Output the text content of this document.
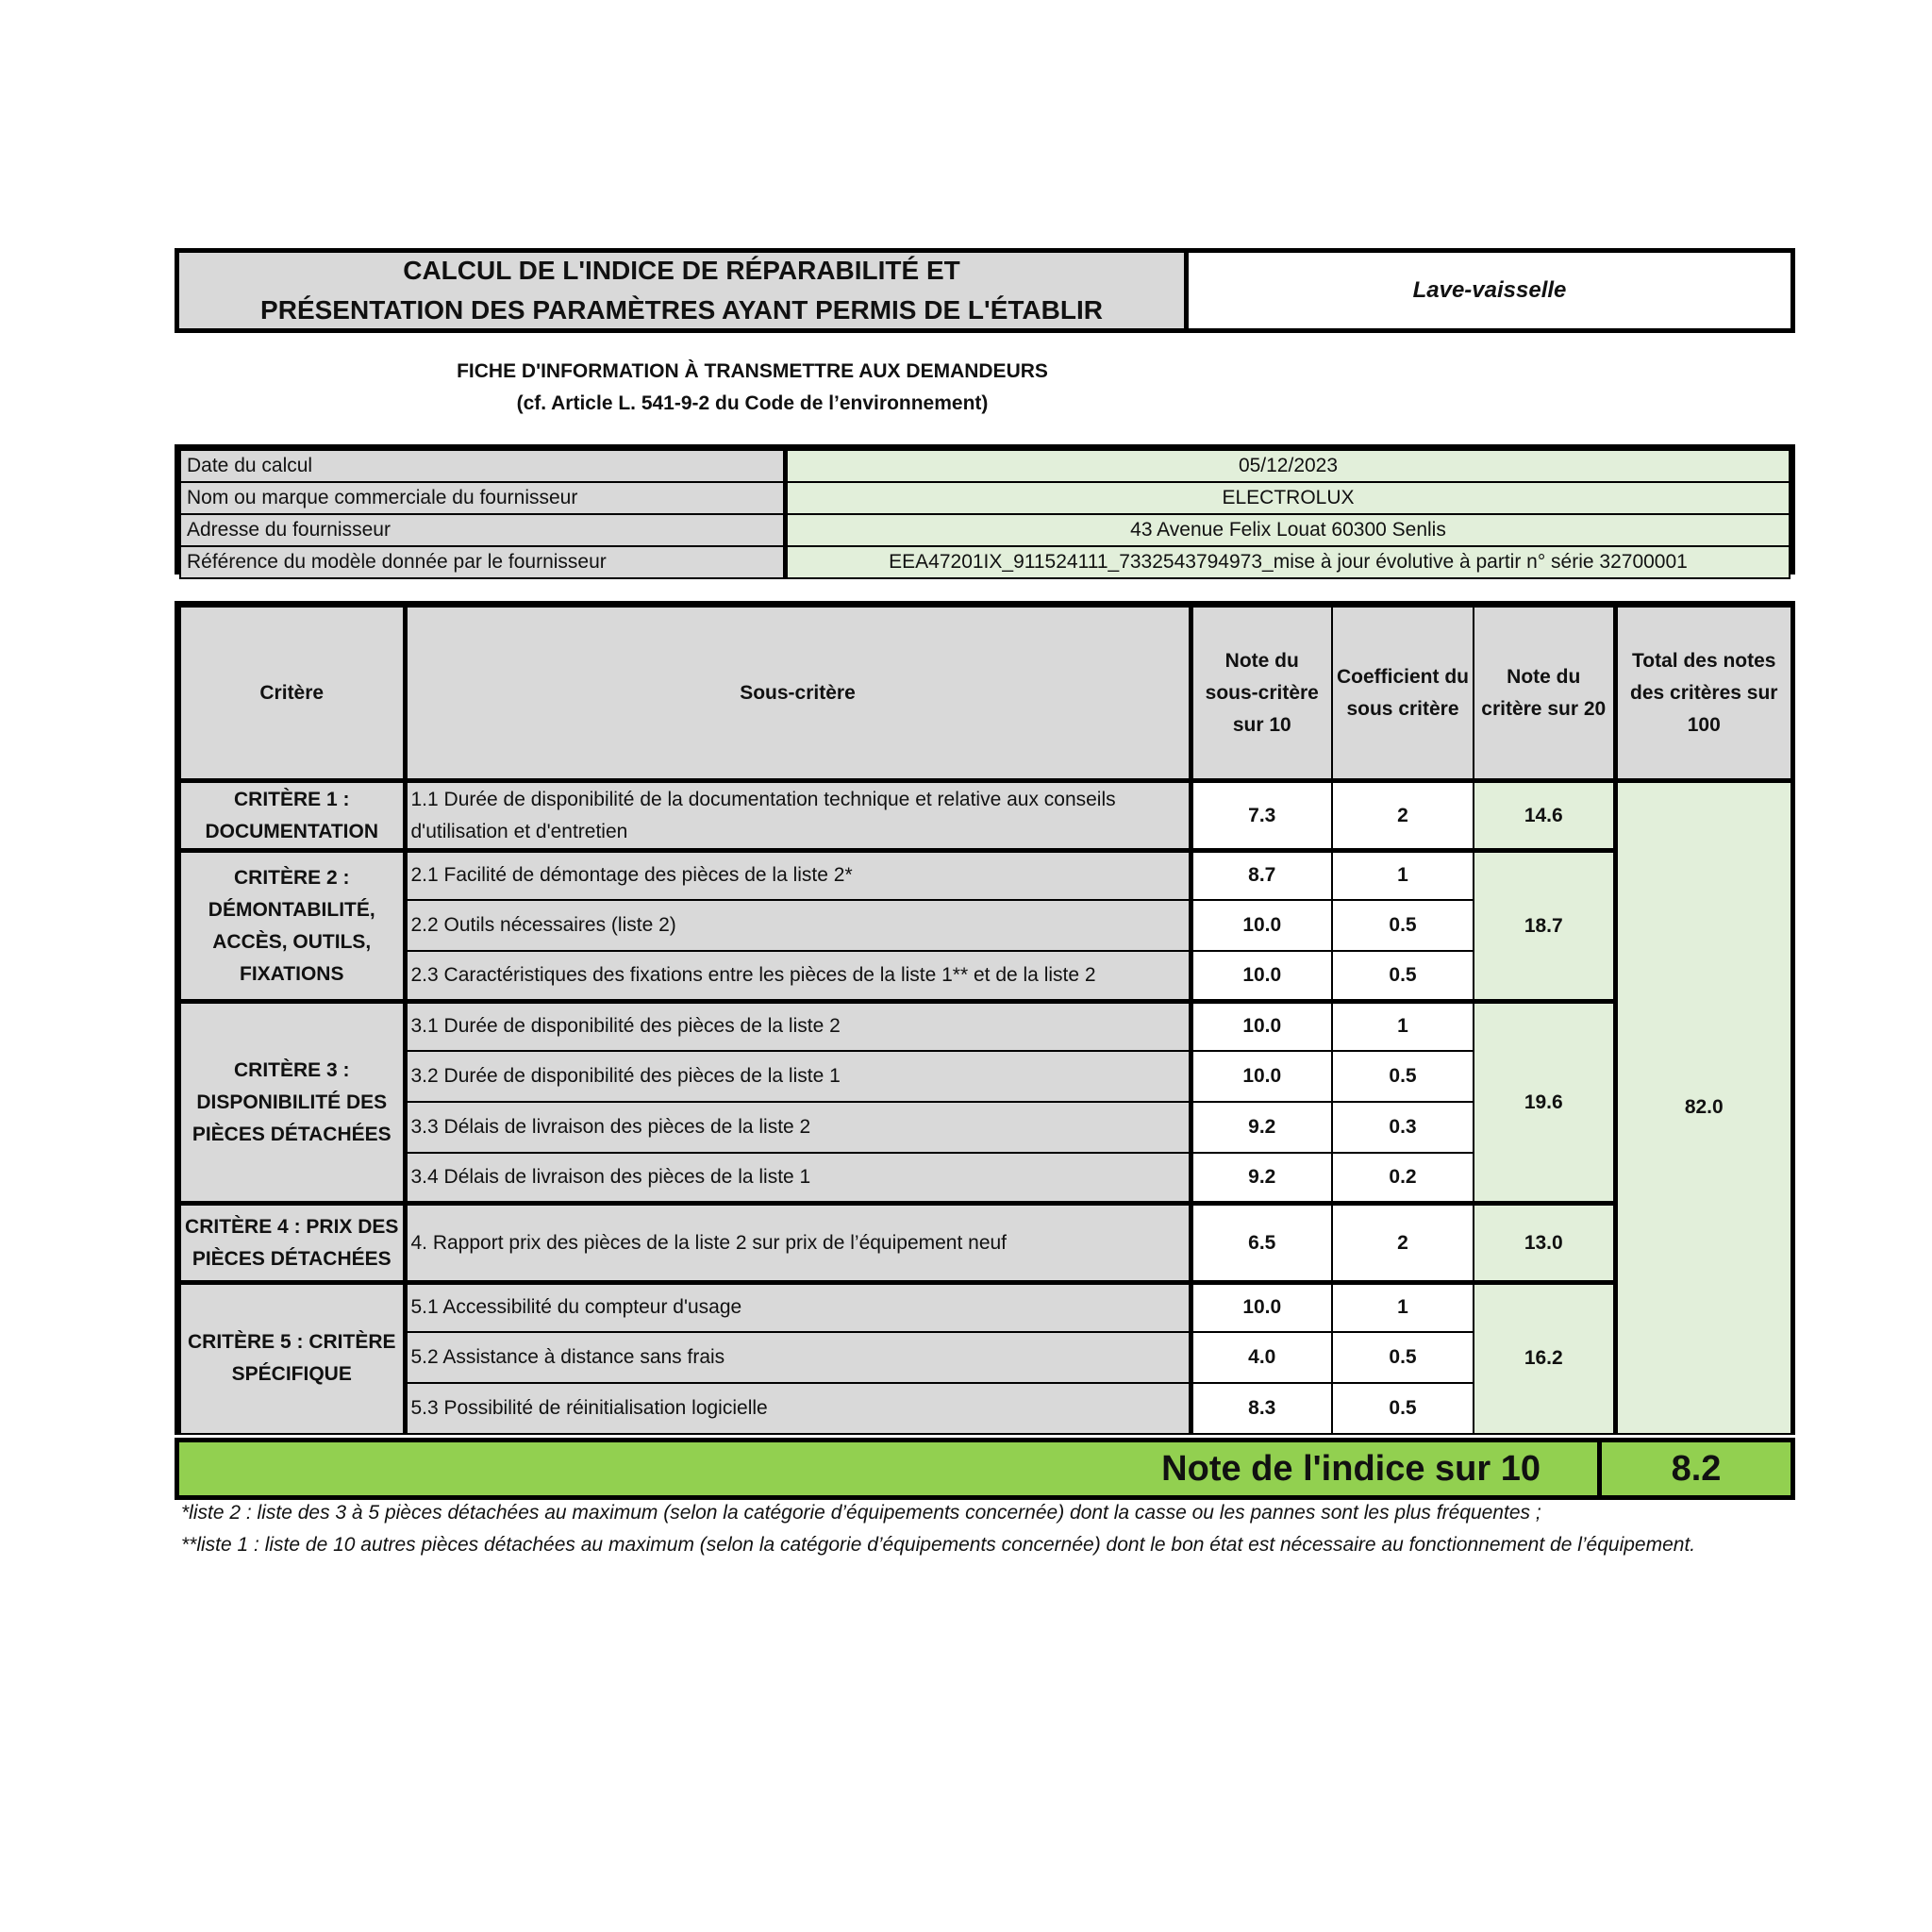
CALCUL DE L'INDICE DE RÉPARABILITÉ ET
PRÉSENTATION DES PARAMÈTRES AYANT PERMIS DE L'ÉTABLIR
Lave-vaisselle
FICHE D'INFORMATION À TRANSMETTRE AUX DEMANDEURS
(cf. Article L. 541-9-2 du Code de l’environnement)
Date du calcul	05/12/2023
Nom ou marque commerciale du fournisseur	ELECTROLUX
Adresse du fournisseur	43 Avenue Felix Louat 60300 Senlis
Référence du modèle donnée par le fournisseur	EEA47201IX_911524111_7332543794973_mise à jour évolutive à partir n° série 32700001
Critère	Sous-critère	Note du sous-critère sur 10	Coefficient du sous critère	Note du critère sur 20	Total des notes des critères sur 100
CRITÈRE 1 : DOCUMENTATION	1.1 Durée de disponibilité de la documentation technique et relative aux conseils d'utilisation et d'entretien	7.3	2	14.6	82.0
CRITÈRE 2 : DÉMONTABILITÉ, ACCÈS, OUTILS, FIXATIONS	2.1 Facilité de démontage des pièces de la liste 2*	8.7	1	18.7	
	2.2 Outils nécessaires (liste 2)	10.0	0.5		
	2.3 Caractéristiques des fixations entre les pièces de la liste 1** et de la liste 2	10.0	0.5		
CRITÈRE 3 : DISPONIBILITÉ DES PIÈCES DÉTACHÉES	3.1 Durée de disponibilité des pièces de la liste 2	10.0	1	19.6	
	3.2 Durée de disponibilité des pièces de la liste 1	10.0	0.5		
	3.3 Délais de livraison des pièces de la liste 2	9.2	0.3		
	3.4 Délais de livraison des pièces de la liste 1	9.2	0.2		
CRITÈRE 4 : PRIX DES PIÈCES DÉTACHÉES	4. Rapport prix des pièces de la liste 2 sur prix de l’équipement neuf	6.5	2	13.0	
CRITÈRE 5 : CRITÈRE SPÉCIFIQUE	5.1 Accessibilité du compteur d'usage	10.0	1	16.2	
	5.2 Assistance à distance sans frais	4.0	0.5		
	5.3 Possibilité de réinitialisation logicielle	8.3	0.5		
Note de l'indice sur 10	8.2
*liste 2 : liste des 3 à 5 pièces détachées au maximum (selon la catégorie d’équipements concernée) dont la casse ou les pannes sont les plus fréquentes ;
**liste 1 : liste de 10 autres pièces détachées au maximum (selon la catégorie d’équipements concernée) dont le bon état est nécessaire au fonctionnement de l’équipement.
